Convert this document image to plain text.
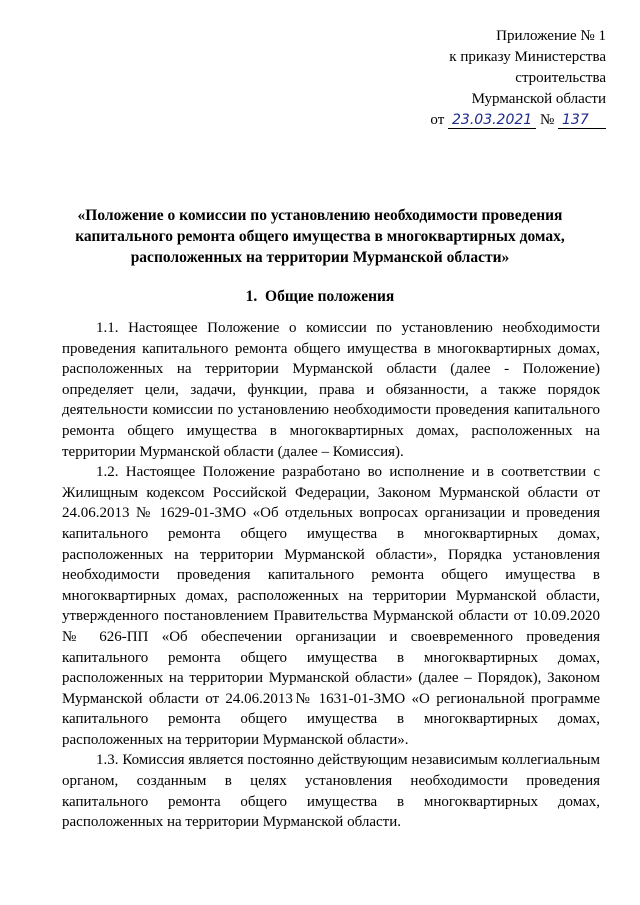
Приложение № 1
к приказу Министерства
строительства
Мурманской области
от 23.03.2021 № 137
«Положение о комиссии по установлению необходимости проведения капитального ремонта общего имущества в многоквартирных домах, расположенных на территории Мурманской области»
1. Общие положения

1.1. Настоящее Положение о комиссии по установлению необходимости проведения капитального ремонта общего имущества в многоквартирных домах, расположенных на территории Мурманской области (далее - Положение) определяет цели, задачи, функции, права и обязанности, а также порядок деятельности комиссии по установлению необходимости проведения капитального ремонта общего имущества в многоквартирных домах, расположенных на территории Мурманской области (далее – Комиссия).

1.2. Настоящее Положение разработано во исполнение и в соответствии с Жилищным кодексом Российской Федерации, Законом Мурманской области от 24.06.2013 № 1629-01-ЗМО «Об отдельных вопросах организации и проведения капитального ремонта общего имущества в многоквартирных домах, расположенных на территории Мурманской области», Порядка установления необходимости проведения капитального ремонта общего имущества в многоквартирных домах, расположенных на территории Мурманской области, утвержденного постановлением Правительства Мурманской области от 10.09.2020 № 626-ПП «Об обеспечении организации и своевременного проведения капитального ремонта общего имущества в многоквартирных домах, расположенных на территории Мурманской области» (далее – Порядок), Законом Мурманской области от 24.06.2013№ 1631-01-ЗМО «О региональной программе капитального ремонта общего имущества в многоквартирных домах, расположенных на территории Мурманской области».

1.3. Комиссия является постоянно действующим независимым коллегиальным органом, созданным в целях установления необходимости проведения капитального ремонта общего имущества в многоквартирных домах, расположенных на территории Мурманской области.
